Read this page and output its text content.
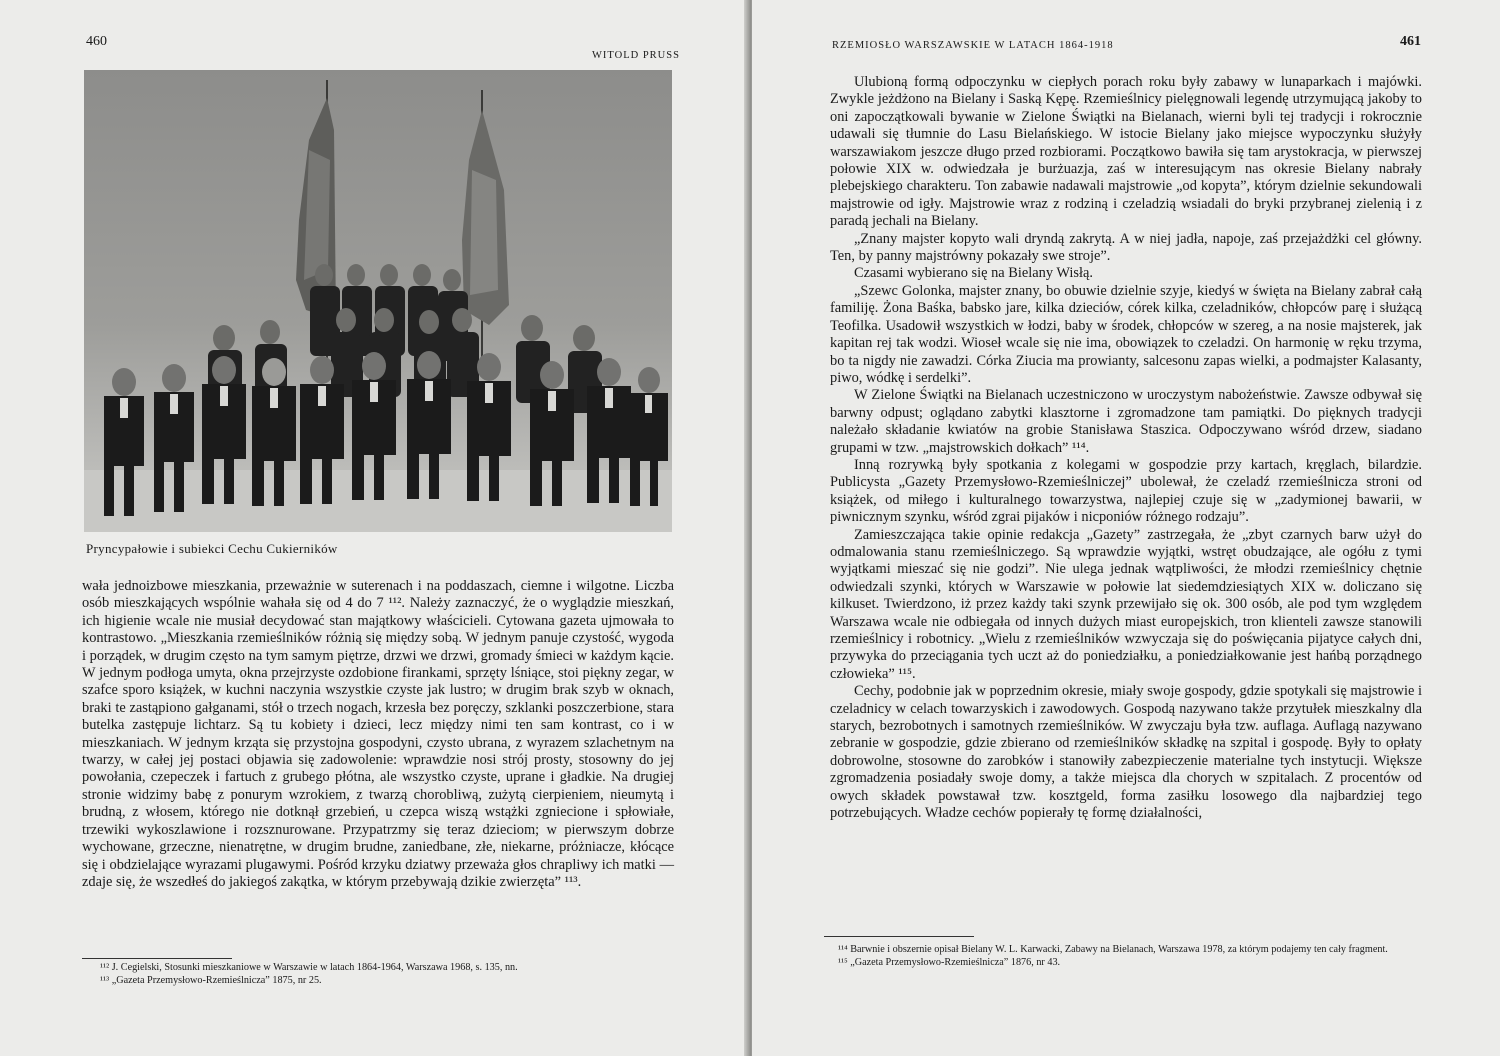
460
WITOLD PRUSS
Pryncypałowie i subiekci Cechu Cukierników

wała jednoizbowe mieszkania, przeważnie w suterenach i na poddaszach, ciemne i wilgotne. Liczba osób mieszkających wspólnie wahała się od 4 do 7 ¹¹². Należy zaznaczyć, że o wyglądzie mieszkań, ich higienie wcale nie musiał decydować stan majątkowy właścicieli. Cytowana gazeta ujmowała to kontrastowo. „Mieszkania rzemieślników różnią się między sobą. W jednym panuje czystość, wygoda i porządek, w drugim często na tym samym piętrze, drzwi we drzwi, gromady śmieci w każdym kącie. W jednym podłoga umyta, okna przejrzyste ozdobione firankami, sprzęty lśniące, stoi piękny zegar, w szafce sporo książek, w kuchni naczynia wszystkie czyste jak lustro; w drugim brak szyb w oknach, braki te zastąpiono gałganami, stół o trzech nogach, krzesła bez poręczy, szklanki poszczerbione, stara butelka zastępuje lichtarz. Są tu kobiety i dzieci, lecz między nimi ten sam kontrast, co i w mieszkaniach. W jednym krząta się przystojna gospodyni, czysto ubrana, z wyrazem szlachetnym na twarzy, w całej jej postaci objawia się zadowolenie: wprawdzie nosi strój prosty, stosowny do jej powołania, czepeczek i fartuch z grubego płótna, ale wszystko czyste, uprane i gładkie. Na drugiej stronie widzimy babę z ponurym wzrokiem, z twarzą chorobliwą, zużytą cierpieniem, nieumytą i brudną, z włosem, którego nie dotknął grzebień, u czepca wiszą wstążki zgniecione i spłowiałe, trzewiki wykoszlawione i rozsznurowane. Przypatrzmy się teraz dzieciom; w pierwszym dobrze wychowane, grzeczne, nienatrętne, w drugim brudne, zaniedbane, złe, niekarne, próżniacze, kłócące się i obdzielające wyrazami plugawymi. Pośród krzyku dziatwy przeważa głos chrapliwy ich matki — zdaje się, że wszedłeś do jakiegoś zakątka, w którym przebywają dzikie zwierzęta” ¹¹³.

¹¹² J. Cegielski, Stosunki mieszkaniowe w Warszawie w latach 1864-1964, Warszawa 1968, s. 135, nn.

¹¹³ „Gazeta Przemysłowo-Rzemieślnicza” 1875, nr 25.

RZEMIOSŁO WARSZAWSKIE W LATACH 1864-1918	461

Ulubioną formą odpoczynku w ciepłych porach roku były zabawy w lunaparkach i majówki. Zwykle jeżdżono na Bielany i Saską Kępę. Rzemieślnicy pielęgnowali legendę utrzymującą jakoby to oni zapoczątkowali bywanie w Zielone Świątki na Bielanach, wierni byli tej tradycji i rokrocznie udawali się tłumnie do Lasu Bielańskiego. W istocie Bielany jako miejsce wypoczynku służyły warszawiakom jeszcze długo przed rozbiorami. Początkowo bawiła się tam arystokracja, w pierwszej połowie XIX w. odwiedzała je burżuazja, zaś w interesującym nas okresie Bielany nabrały plebejskiego charakteru. Ton zabawie nadawali majstrowie „od kopyta”, którym dzielnie sekundowali majstrowie od igły. Majstrowie wraz z rodziną i czeladzią wsiadali do bryki przybranej zielenią i z paradą jechali na Bielany.

„Znany majster kopyto wali dryndą zakrytą. A w niej jadła, napoje, zaś przejażdżki cel główny. Ten, by panny majstrówny pokazały swe stroje”.

Czasami wybierano się na Bielany Wisłą.

„Szewc Golonka, majster znany, bo obuwie dzielnie szyje, kiedyś w święta na Bielany zabrał całą familiję. Żona Baśka, babsko jare, kilka dzieciów, córek kilka, czeladników, chłopców parę i służącą Teofilka. Usadowił wszystkich w łodzi, baby w środek, chłopców w szereg, a na nosie majsterek, jak kapitan rej tak wodzi. Wioseł wcale się nie ima, obowiązek to czeladzi. On harmonię w ręku trzyma, bo ta nigdy nie zawadzi. Córka Ziucia ma prowianty, salcesonu zapas wielki, a podmajster Kalasanty, piwo, wódkę i serdelki”.

W Zielone Świątki na Bielanach uczestniczono w uroczystym nabożeństwie. Zawsze odbywał się barwny odpust; oglądano zabytki klasztorne i zgromadzone tam pamiątki. Do pięknych tradycji należało składanie kwiatów na grobie Stanisława Staszica. Odpoczywano wśród drzew, siadano grupami w tzw. „majstrowskich dołkach” ¹¹⁴.

Inną rozrywką były spotkania z kolegami w gospodzie przy kartach, kręglach, bilardzie. Publicysta „Gazety Przemysłowo-Rzemieślniczej” ubolewał, że czeladź rzemieślnicza stroni od książek, od miłego i kulturalnego towarzystwa, najlepiej czuje się w „zadymionej bawarii, w piwnicznym szynku, wśród zgrai pijaków i nicponiów różnego rodzaju”.

Zamieszczająca takie opinie redakcja „Gazety” zastrzegała, że „zbyt czarnych barw użył do odmalowania stanu rzemieślniczego. Są wprawdzie wyjątki, wstręt obudzające, ale ogółu z tymi wyjątkami mieszać się nie godzi”. Nie ulega jednak wątpliwości, że młodzi rzemieślnicy chętnie odwiedzali szynki, których w Warszawie w połowie lat siedemdziesiątych XIX w. doliczano się kilkuset. Twierdzono, iż przez każdy taki szynk przewijało się ok. 300 osób, ale pod tym względem Warszawa wcale nie odbiegała od innych dużych miast europejskich, tron klienteli zawsze stanowili rzemieślnicy i robotnicy. „Wielu z rzemieślników wzwyczaja się do poświęcania pijatyce całych dni, przywyka do przeciągania tych uczt aż do poniedziałku, a poniedziałkowanie jest hańbą porządnego człowieka” ¹¹⁵.

Cechy, podobnie jak w poprzednim okresie, miały swoje gospody, gdzie spotykali się majstrowie i czeladnicy w celach towarzyskich i zawodowych. Gospodą nazywano także przytułek mieszkalny dla starych, bezrobotnych i samotnych rzemieślników. W zwyczaju była tzw. auflaga. Auflagą nazywano zebranie w gospodzie, gdzie zbierano od rzemieślników składkę na szpital i gospodę. Były to opłaty dobrowolne, stosowne do zarobków i stanowiły zabezpieczenie materialne tych instytucji. Większe zgromadzenia posiadały swoje domy, a także miejsca dla chorych w szpitalach. Z procentów od owych składek powstawał tzw. kosztgeld, forma zasiłku losowego dla najbardziej tego potrzebujących. Władze cechów popierały tę formę działalności,

¹¹⁴ Barwnie i obszernie opisał Bielany W. L. Karwacki, Zabawy na Bielanach, Warszawa 1978, za którym podajemy ten cały fragment.

¹¹⁵ „Gazeta Przemysłowo-Rzemieślnicza” 1876, nr 43.
